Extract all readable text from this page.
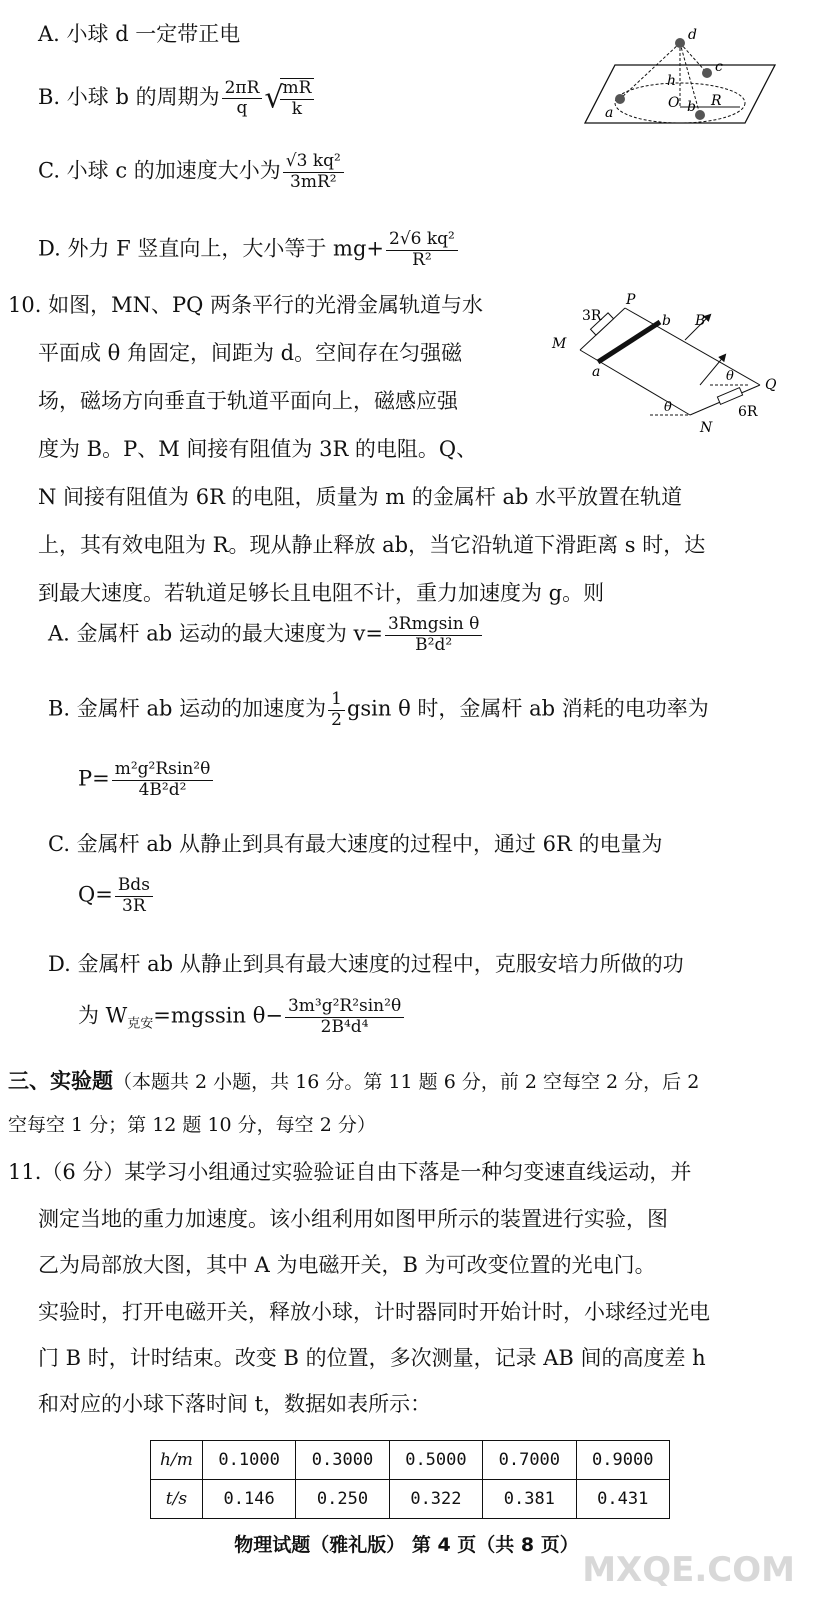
A. 小球 d 一定带正电
B. 小球 b 的周期为 $\frac{2\pi R}{q}$ √
$\frac{mR}{k}$
C. 小球 c 的加速度大小为 $\frac{\text{√3 kq²}}{\text{3mR²}}$
D. 外力 F 竖直向上，大小等于 $mg+ \frac{\text{2√6 kq²}}{\text{R²}}$
d
c
h
a
O b R
10. 如图，MN、PQ 两条平行的光滑金属轨道与水
平面成 θ 角固定，间距为 d。空间存在匀强磁
场，磁场方向垂直于轨道平面向上，磁感应强
度为 B。P、M 间接有阻值为 3R 的电阻。Q、
N 间接有阻值为 6R 的电阻，质量为 m 的金属杆 ab 水平放置在轨道
上，其有效电阻为 R。现从静止释放 ab，当它沿轨道下滑距离 s 时，达
到最大速度。若轨道足够长且电阻不计，重力加速度为 g。则
3R
P
b B
M
a	θ
Q
θ	6R
N
A. 金属杆 ab 运动的最大速度为 $v= \frac{\text{3Rmgsin θ}}{\text{B²d²}}$
B. 金属杆 ab 运动的加速度为 $\frac{1}{2}$ gsin θ 时，金属杆 ab 消耗的电功率为
$P= \frac{\text{m²g²Rsin²θ}}{\text{4B²d²}}$
C. 金属杆 ab 从静止到具有最大速度的过程中，通过 6R 的电量为
$Q= \frac{\text{Bds}}{3R}$
D. 金属杆 ab 从静止到具有最大速度的过程中，克服安培力所做的功
为 $W_{克安}=mgssin$ $\theta- \frac{\text{3m³g²R²sin²θ}}{\text{2B⁴d⁴}}$
三、实验题（本题共 2 小题，共 16 分。第 11 题 6 分，前 2 空每空 2 分，后 2
空每空 1 分；第 12 题 10 分，每空 2 分）
11.（6 分）某学习小组通过实验验证自由下落是一种匀变速直线运动，并
测定当地的重力加速度。该小组利用如图甲所示的装置进行实验，图
乙为局部放大图，其中 A 为电磁开关，B 为可改变位置的光电门。
实验时，打开电磁开关，释放小球，计时器同时开始计时，小球经过光电
门 B 时，计时结束。改变 B 的位置，多次测量，记录 AB 间的高度差 h
和对应的小球下落时间 t，数据如表所示：
h/m	0.1000	0.3000	0.5000	0.7000	0.9000
t/s	0.146	0.250	0.322	0.381	0.431
物理试题（雅礼版） 第 4 页（共 8 页）
MXQE.COM
